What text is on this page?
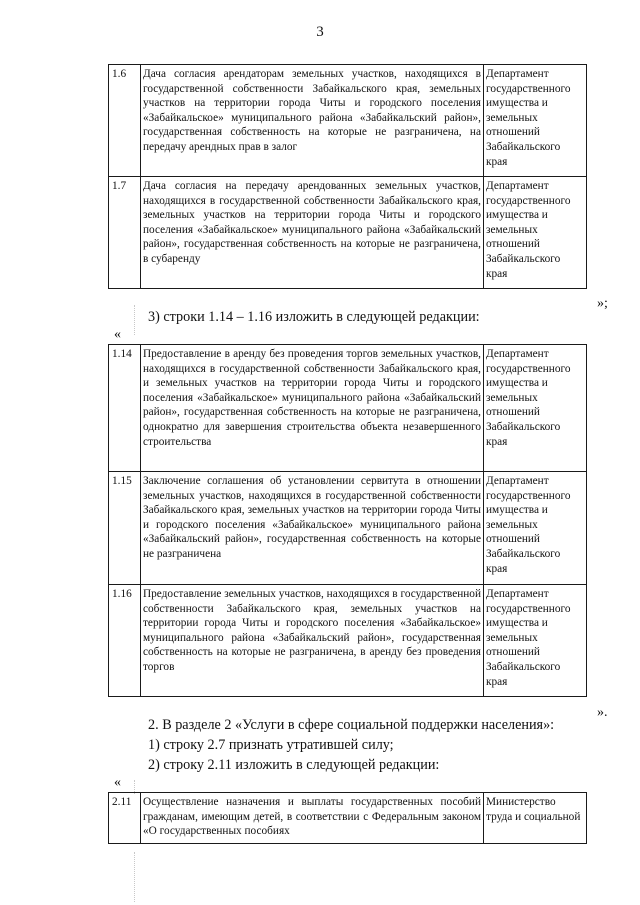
3
1.6	Дача согласия арендаторам земельных участков, находящихся в государственной собственности Забайкальского края, земельных участков на территории города Читы и городского поселения «Забайкальское» муниципального района «Забайкальский район», государственная собственность на которые не разграничена, на передачу арендных прав в залог	Департамент государственного имущества и земельных отношений Забайкальского края
1.7	Дача согласия на передачу арендованных земельных участков, находящихся в государственной собственности Забайкальского края, земельных участков на территории города Читы и городского поселения «Забайкальское» муниципального района «Забайкальский район», государственная собственность на которые не разграничена, в субаренду	Департамент государственного имущества и земельных отношений Забайкальского края
»;
3) строки 1.14 – 1.16 изложить в следующей редакции:
«
1.14	Предоставление в аренду без проведения торгов земельных участков, находящихся в государственной собственности Забайкальского края, и земельных участков на территории города Читы и городского поселения «Забайкальское» муниципального района «Забайкальский район», государственная собственность на которые не разграничена, однократно для завершения строительства объекта незавершенного строительства	Департамент государственного имущества и земельных отношений Забайкальского края
1.15	Заключение соглашения об установлении сервитута в отношении земельных участков, находящихся в государственной собственности Забайкальского края, земельных участков на территории города Читы и городского поселения «Забайкальское» муниципального района «Забайкальский район», государственная собственность на которые не разграничена	Департамент государственного имущества и земельных отношений Забайкальского края
1.16	Предоставление земельных участков, находящихся в государственной собственности Забайкальского края, земельных участков на территории города Читы и городского поселения «Забайкальское» муниципального района «Забайкальский район», государственная собственность на которые не разграничена, в аренду без проведения торгов	Департамент государственного имущества и земельных отношений Забайкальского края
».
2. В разделе 2 «Услуги в сфере социальной поддержки населения»:
1) строку 2.7 признать утратившей силу;
2) строку 2.11 изложить в следующей редакции:
«
2.11	Осуществление назначения и выплаты государственных пособий гражданам, имеющим детей, в соответствии с Федеральным законом «О государственных пособиях	Министерство труда и социальной
